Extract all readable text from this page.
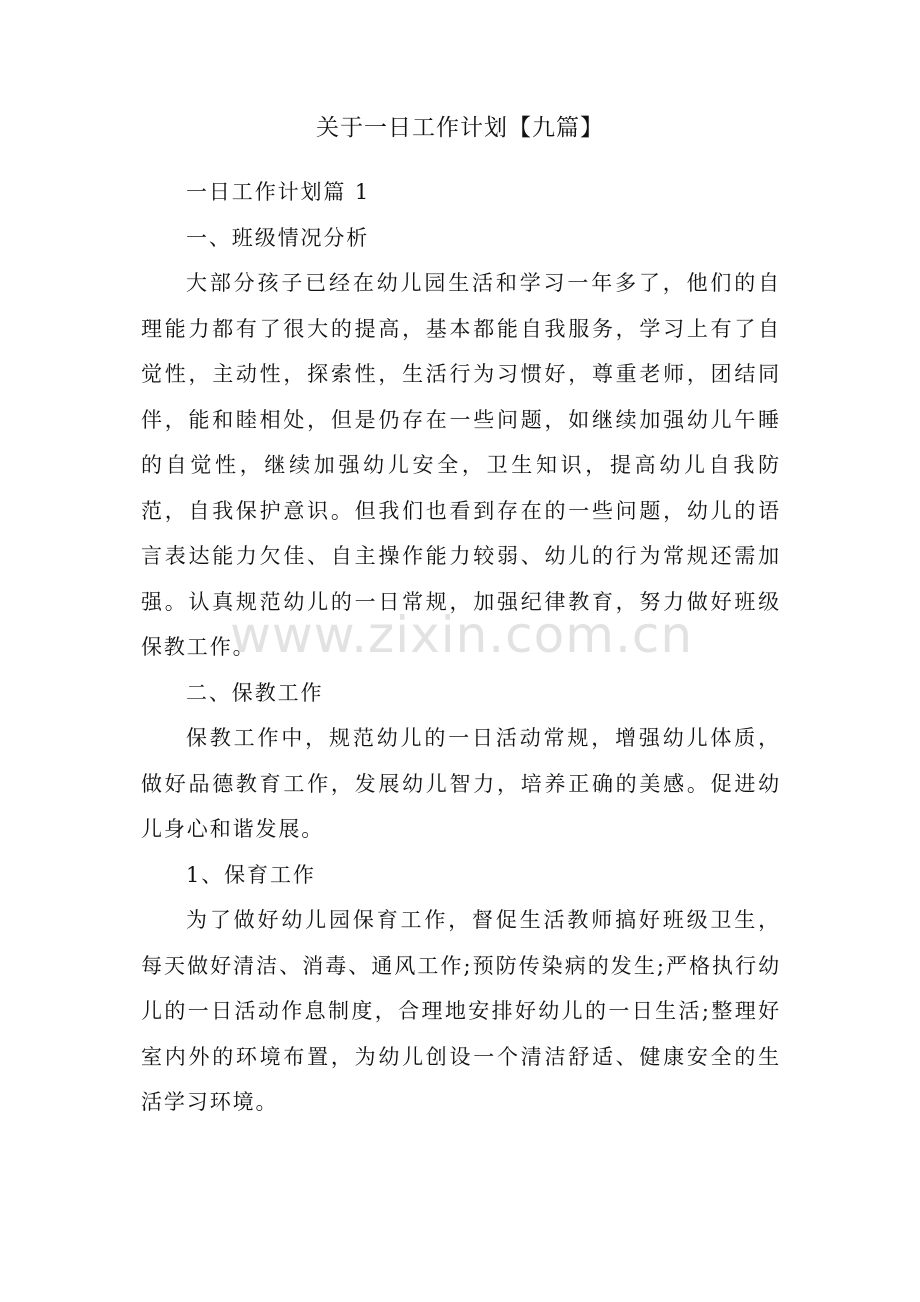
关于一日工作计划【九篇】

一日工作计划篇 1

一、班级情况分析

大部分孩子已经在幼儿园生活和学习一年多了，他们的自理能力都有了很大的提高，基本都能自我服务，学习上有了自觉性，主动性，探索性，生活行为习惯好，尊重老师，团结同伴，能和睦相处，但是仍存在一些问题，如继续加强幼儿午睡的自觉性，继续加强幼儿安全，卫生知识，提高幼儿自我防范，自我保护意识。但我们也看到存在的一些问题，幼儿的语言表达能力欠佳、自主操作能力较弱、幼儿的行为常规还需加强。认真规范幼儿的一日常规，加强纪律教育，努力做好班级保教工作。

二、保教工作

保教工作中，规范幼儿的一日活动常规，增强幼儿体质，做好品德教育工作，发展幼儿智力，培养正确的美感。促进幼儿身心和谐发展。

1、保育工作

为了做好幼儿园保育工作，督促生活教师搞好班级卫生，每天做好清洁、消毒、通风工作;预防传染病的发生;严格执行幼儿的一日活动作息制度，合理地安排好幼儿的一日生活;整理好室内外的环境布置，为幼儿创设一个清洁舒适、健康安全的生活学习环境。

www.zixin.com.cn
